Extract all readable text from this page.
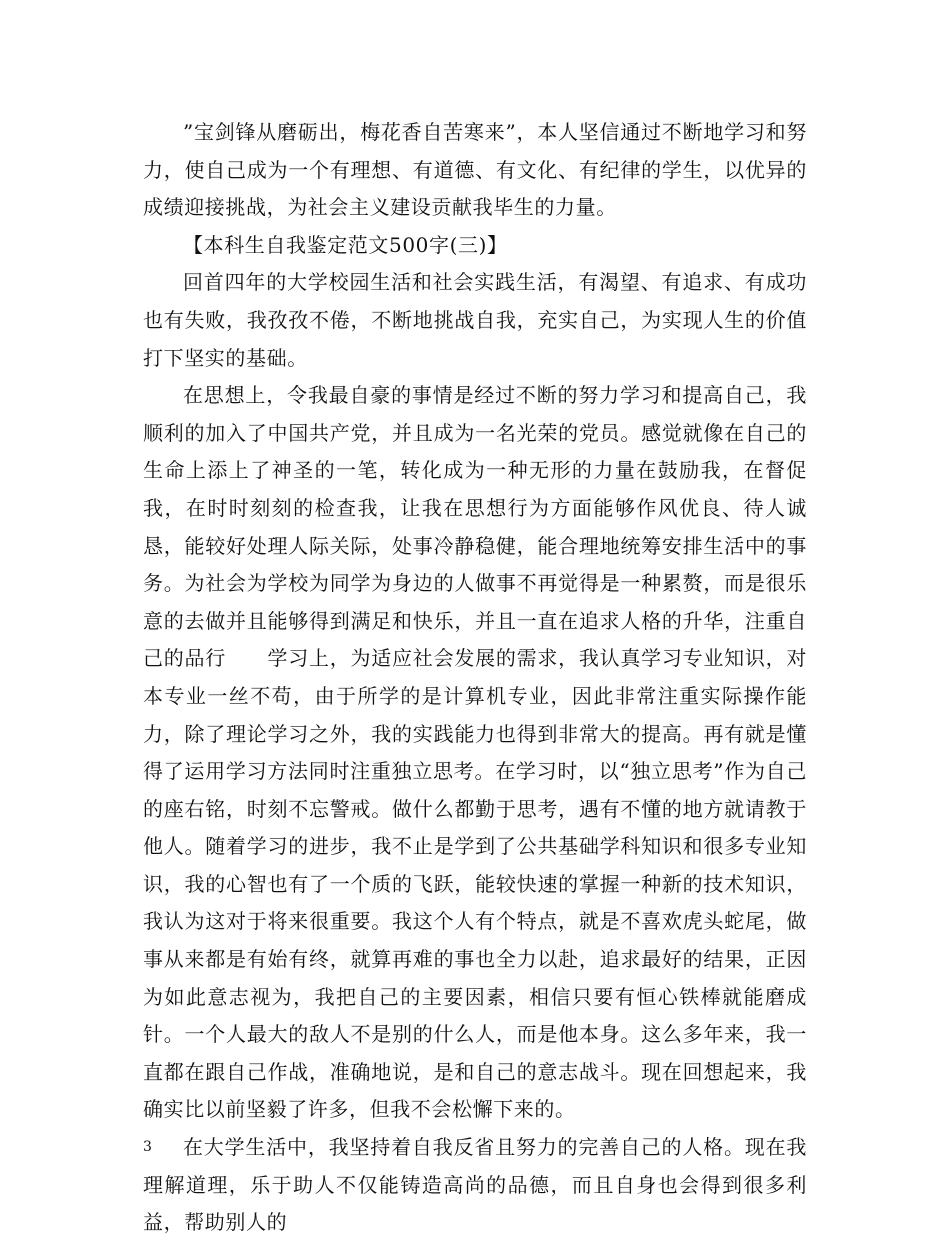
”宝剑锋从磨砺出，梅花香自苦寒来”，本人坚信通过不断地学习和努力，使自己成为一个有理想、有道德、有文化、有纪律的学生，以优异的成绩迎接挑战，为社会主义建设贡献我毕生的力量。

【本科生自我鉴定范文500字(三)】

回首四年的大学校园生活和社会实践生活，有渴望、有追求、有成功也有失败，我孜孜不倦，不断地挑战自我，充实自己，为实现人生的价值打下坚实的基础。

在思想上，令我最自豪的事情是经过不断的努力学习和提高自己，我顺利的加入了中国共产党，并且成为一名光荣的党员。感觉就像在自己的生命上添上了神圣的一笔，转化成为一种无形的力量在鼓励我，在督促我，在时时刻刻的检查我，让我在思想行为方面能够作风优良、待人诚恳，能较好处理人际关际，处事冷静稳健，能合理地统筹安排生活中的事务。为社会为学校为同学为身边的人做事不再觉得是一种累赘，而是很乐意的去做并且能够得到满足和快乐，并且一直在追求人格的升华，注重自己的品行　　学习上，为适应社会发展的需求，我认真学习专业知识，对本专业一丝不苟，由于所学的是计算机专业，因此非常注重实际操作能力，除了理论学习之外，我的实践能力也得到非常大的提高。再有就是懂得了运用学习方法同时注重独立思考。在学习时，以“独立思考”作为自己的座右铭，时刻不忘警戒。做什么都勤于思考，遇有不懂的地方就请教于他人。随着学习的进步，我不止是学到了公共基础学科知识和很多专业知识，我的心智也有了一个质的飞跃，能较快速的掌握一种新的技术知识，我认为这对于将来很重要。我这个人有个特点，就是不喜欢虎头蛇尾，做事从来都是有始有终，就算再难的事也全力以赴，追求最好的结果，正因为如此意志视为，我把自己的主要因素，相信只要有恒心铁棒就能磨成针。一个人最大的敌人不是别的什么人，而是他本身。这么多年来，我一直都在跟自己作战，准确地说，是和自己的意志战斗。现在回想起来，我确实比以前坚毅了许多，但我不会松懈下来的。

在大学生活中，我坚持着自我反省且努力的完善自己的人格。现在我理解道理，乐于助人不仅能铸造高尚的品德，而且自身也会得到很多利益，帮助别人的

3
